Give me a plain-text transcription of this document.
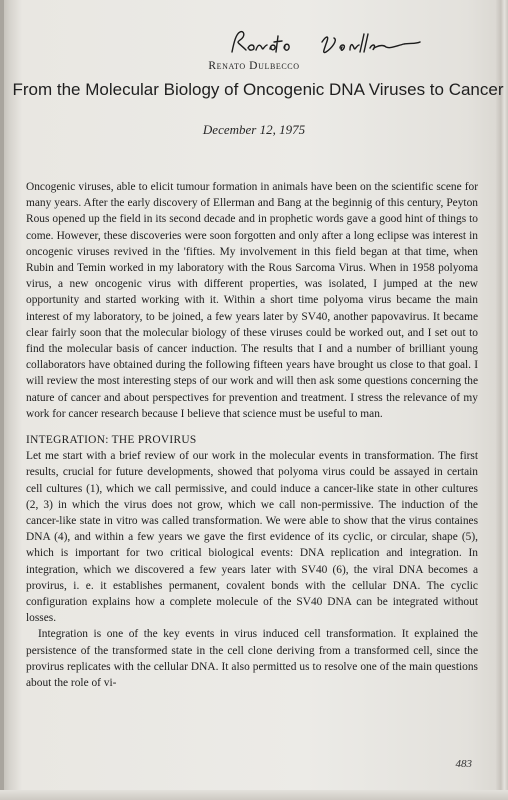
Renato Dulbecco
From the Molecular Biology of Oncogenic DNA Viruses to Cancer
December 12, 1975

Oncogenic viruses, able to elicit tumour formation in animals have been on the scientific scene for many years. After the early discovery of Ellerman and Bang at the beginnig of this century, Peyton Rous opened up the field in its second decade and in prophetic words gave a good hint of things to come. However, these discoveries were soon forgotten and only after a long eclipse was interest in oncogenic viruses revived in the 'fifties. My involvement in this field began at that time, when Rubin and Temin worked in my laboratory with the Rous Sarcoma Virus. When in 1958 polyoma virus, a new oncogenic virus with different properties, was isolated, I jumped at the new opportunity and started working with it. Within a short time polyoma virus became the main interest of my laboratory, to be joined, a few years later by SV40, another papovavirus. It became clear fairly soon that the molecular biology of these viruses could be worked out, and I set out to find the molecular basis of cancer induction. The results that I and a number of brilliant young collaborators have obtained during the following fifteen years have brought us close to that goal. I will review the most interesting steps of our work and will then ask some questions concerning the nature of cancer and about perspectives for prevention and treatment. I stress the relevance of my work for cancer research because I believe that science must be useful to man.

INTEGRATION: THE PROVIRUS

Let me start with a brief review of our work in the molecular events in transformation. The first results, crucial for future developments, showed that polyoma virus could be assayed in certain cell cultures (1), which we call permissive, and could induce a cancer-like state in other cultures (2, 3) in which the virus does not grow, which we call non-permissive. The induction of the cancer-like state in vitro was called transformation. We were able to show that the virus containes DNA (4), and within a few years we gave the first evidence of its cyclic, or circular, shape (5), which is important for two critical biological events: DNA replication and integration. In integration, which we discovered a few years later with SV40 (6), the viral DNA becomes a provirus, i. e. it establishes permanent, covalent bonds with the cellular DNA. The cyclic configuration explains how a complete molecule of the SV40 DNA can be integrated without losses.

Integration is one of the key events in virus induced cell transformation. It explained the persistence of the transformed state in the cell clone deriving from a transformed cell, since the provirus replicates with the cellular DNA. It also permitted us to resolve one of the main questions about the role of vi-

483
